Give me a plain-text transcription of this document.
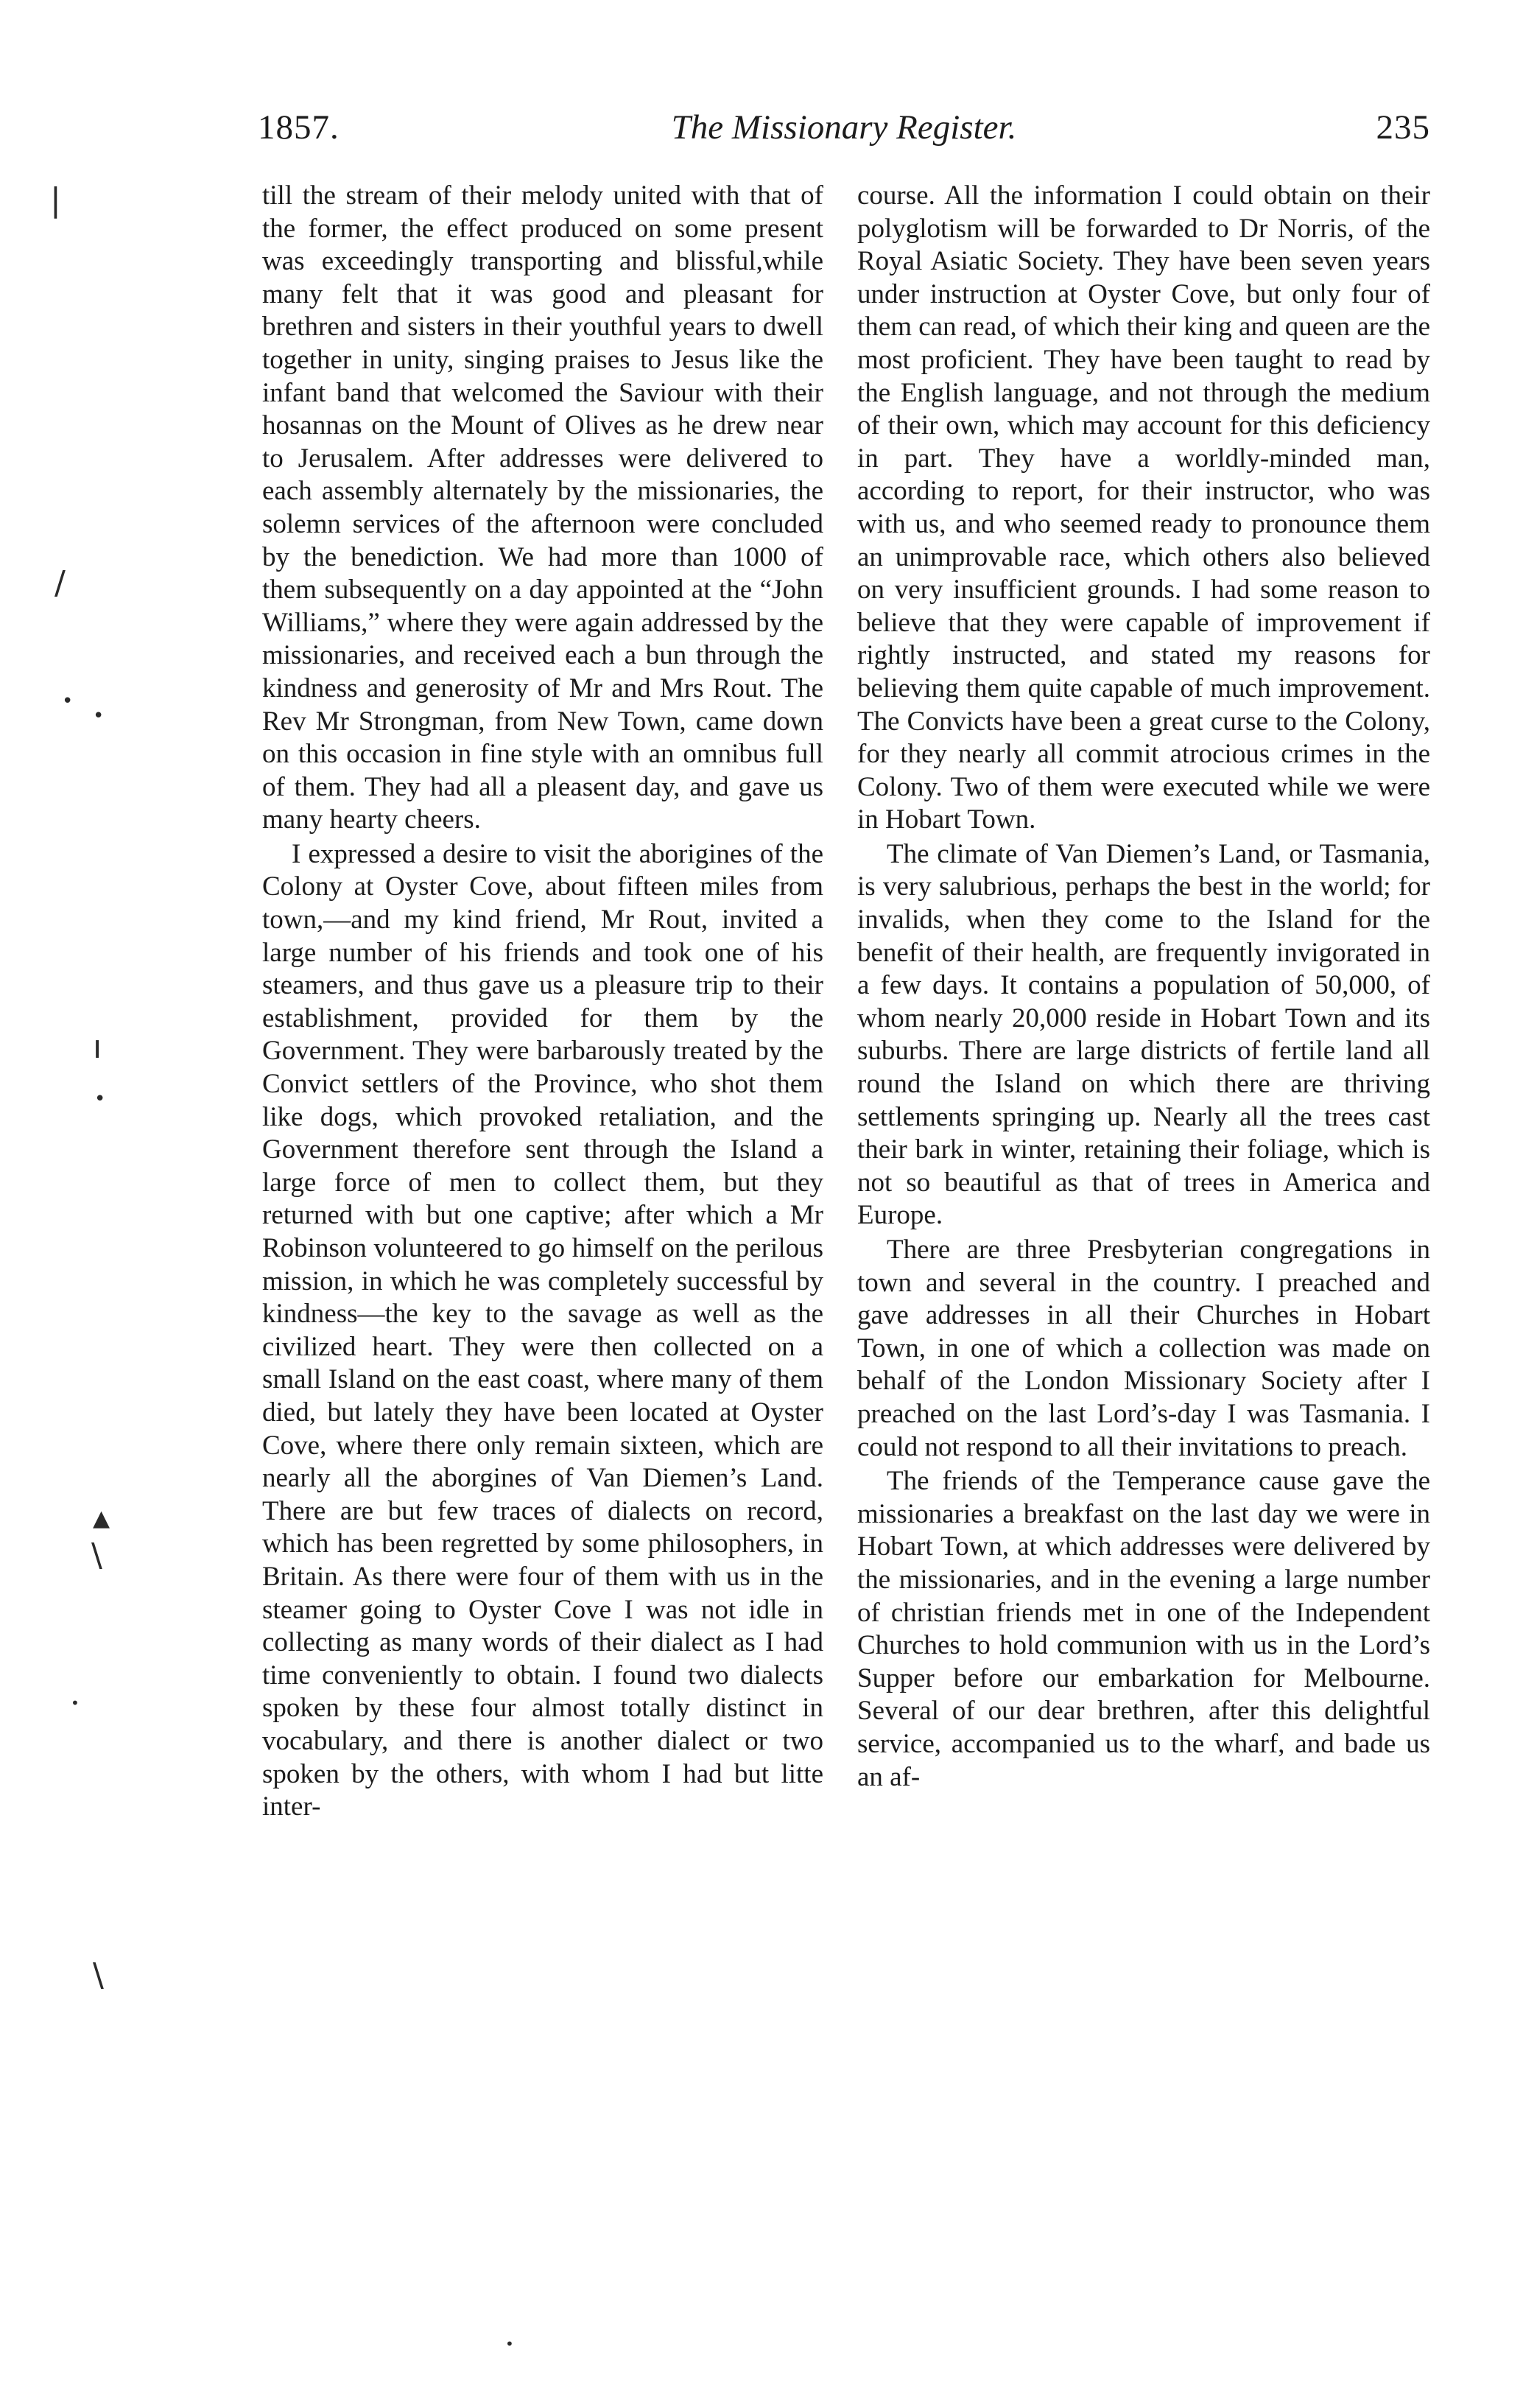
1857.	The Missionary Register.	235
|
/
•
•
ı
•
▲
\
•
\
•

till the stream of their melody united with that of the former, the effect produced on some present was exceedingly transporting and blissful,while many felt that it was good and pleasant for brethren and sisters in their youthful years to dwell together in unity, singing praises to Jesus like the infant band that welcomed the Saviour with their hosannas on the Mount of Olives as he drew near to Jerusalem. After addresses were delivered to each assembly alternately by the missionaries, the solemn services of the afternoon were concluded by the benediction. We had more than 1000 of them subsequently on a day appointed at the “John Williams,” where they were again addressed by the missionaries, and received each a bun through the kindness and generosity of Mr and Mrs Rout. The Rev Mr Strongman, from New Town, came down on this occasion in fine style with an omnibus full of them. They had all a pleasent day, and gave us many hearty cheers.

I expressed a desire to visit the aborigines of the Colony at Oyster Cove, about fifteen miles from town,—and my kind friend, Mr Rout, invited a large number of his friends and took one of his steamers, and thus gave us a pleasure trip to their establishment, provided for them by the Government. They were barbarously treated by the Convict settlers of the Province, who shot them like dogs, which provoked retaliation, and the Government therefore sent through the Island a large force of men to collect them, but they returned with but one captive; after which a Mr Robinson volunteered to go himself on the perilous mission, in which he was completely successful by kindness—the key to the savage as well as the civilized heart. They were then collected on a small Island on the east coast, where many of them died, but lately they have been located at Oyster Cove, where there only remain sixteen, which are nearly all the aborgines of Van Diemen’s Land. There are but few traces of dialects on record, which has been regretted by some philosophers, in Britain. As there were four of them with us in the steamer going to Oyster Cove I was not idle in collecting as many words of their dialect as I had time conveniently to obtain. I found two dialects spoken by these four almost totally distinct in vocabulary, and there is another dialect or two spoken by the others, with whom I had but litte inter-

course. All the information I could obtain on their polyglotism will be forwarded to Dr Norris, of the Royal Asiatic Society. They have been seven years under instruction at Oyster Cove, but only four of them can read, of which their king and queen are the most proficient. They have been taught to read by the English language, and not through the medium of their own, which may account for this deficiency in part. They have a worldly-minded man, according to report, for their instructor, who was with us, and who seemed ready to pronounce them an unimprovable race, which others also believed on very insufficient grounds. I had some reason to believe that they were capable of improvement if rightly instructed, and stated my reasons for believing them quite capable of much improvement. The Convicts have been a great curse to the Colony, for they nearly all commit atrocious crimes in the Colony. Two of them were executed while we were in Hobart Town.

The climate of Van Diemen’s Land, or Tasmania, is very salubrious, perhaps the best in the world; for invalids, when they come to the Island for the benefit of their health, are frequently invigorated in a few days. It contains a population of 50,000, of whom nearly 20,000 reside in Hobart Town and its suburbs. There are large districts of fertile land all round the Island on which there are thriving settlements springing up. Nearly all the trees cast their bark in winter, retaining their foliage, which is not so beautiful as that of trees in America and Europe.

There are three Presbyterian congregations in town and several in the country. I preached and gave addresses in all their Churches in Hobart Town, in one of which a collection was made on behalf of the London Missionary Society after I preached on the last Lord’s-day I was Tasmania. I could not respond to all their invitations to preach.

The friends of the Temperance cause gave the missionaries a breakfast on the last day we were in Hobart Town, at which addresses were delivered by the missionaries, and in the evening a large number of christian friends met in one of the Independent Churches to hold communion with us in the Lord’s Supper before our embarkation for Melbourne. Several of our dear brethren, after this delightful service, accompanied us to the wharf, and bade us an af-
